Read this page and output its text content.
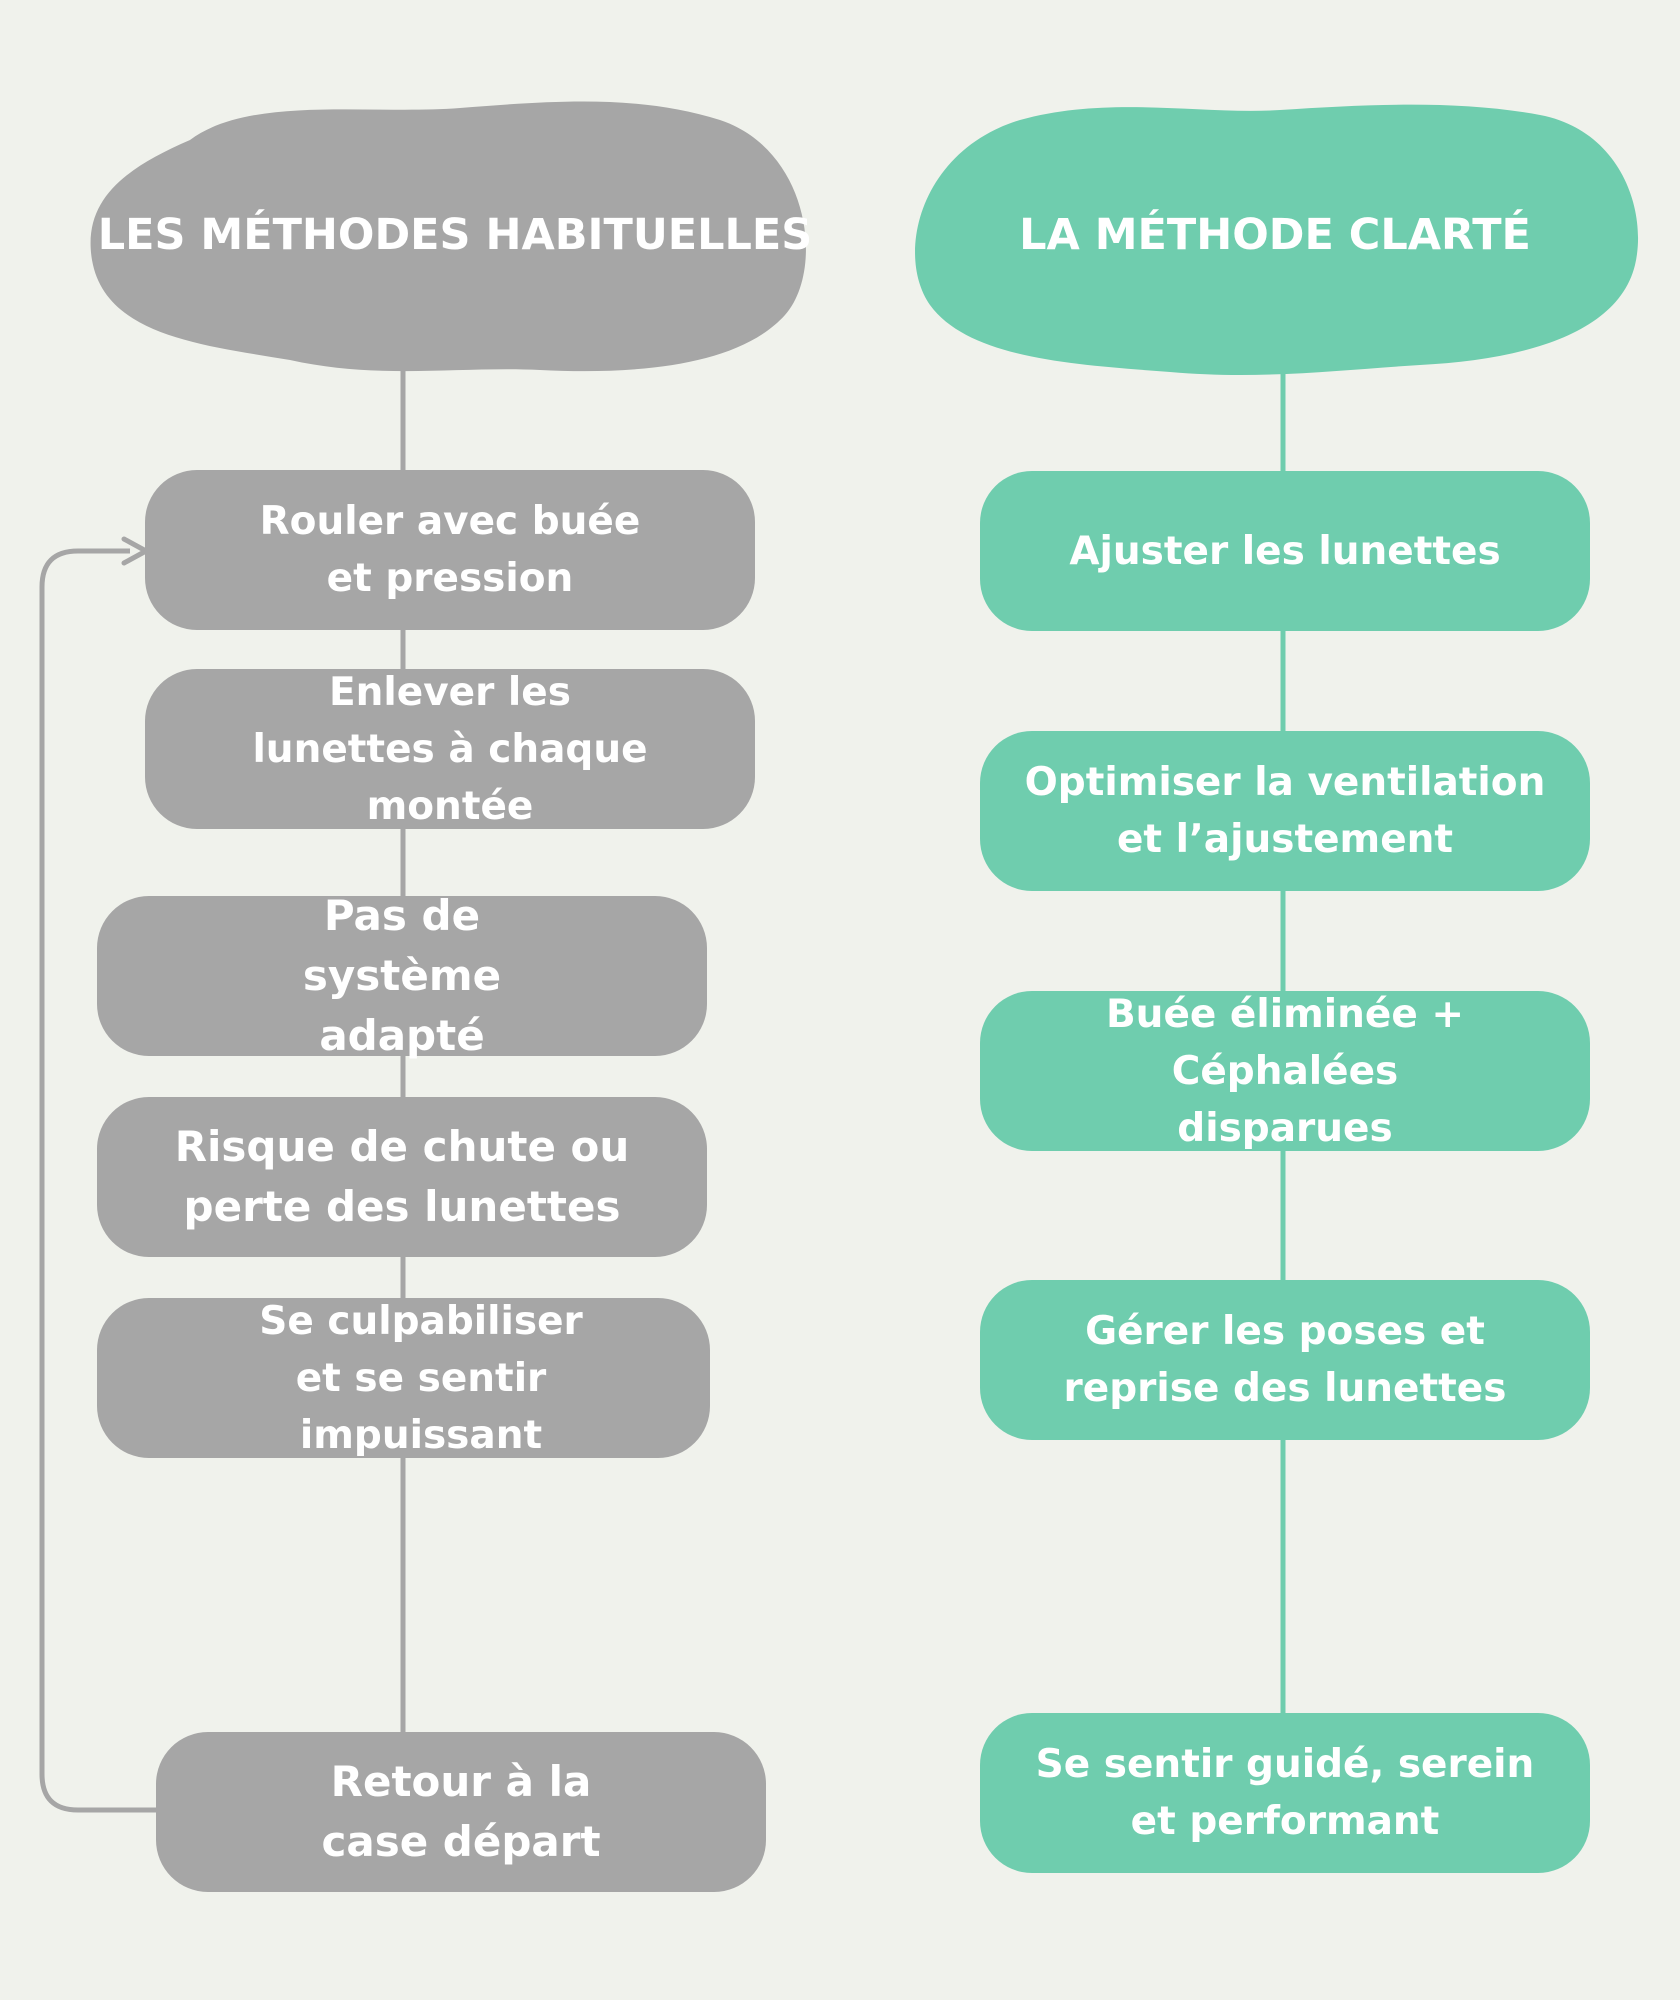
LES MÉTHODES HABITUELLES	LA MÉTHODE CLARTÉ
Rouler avec buée et pression
Enlever les lunettes à chaque montée
Pas de système adapté
Risque de chute ou perte des lunettes
Se culpabiliser et se sentir impuissant
Retour à la case départ
Ajuster les lunettes
Optimiser la ventilation et l’ajustement
Buée éliminée + Céphalées disparues
Gérer les poses et reprise des lunettes
Se sentir guidé, serein et performant
